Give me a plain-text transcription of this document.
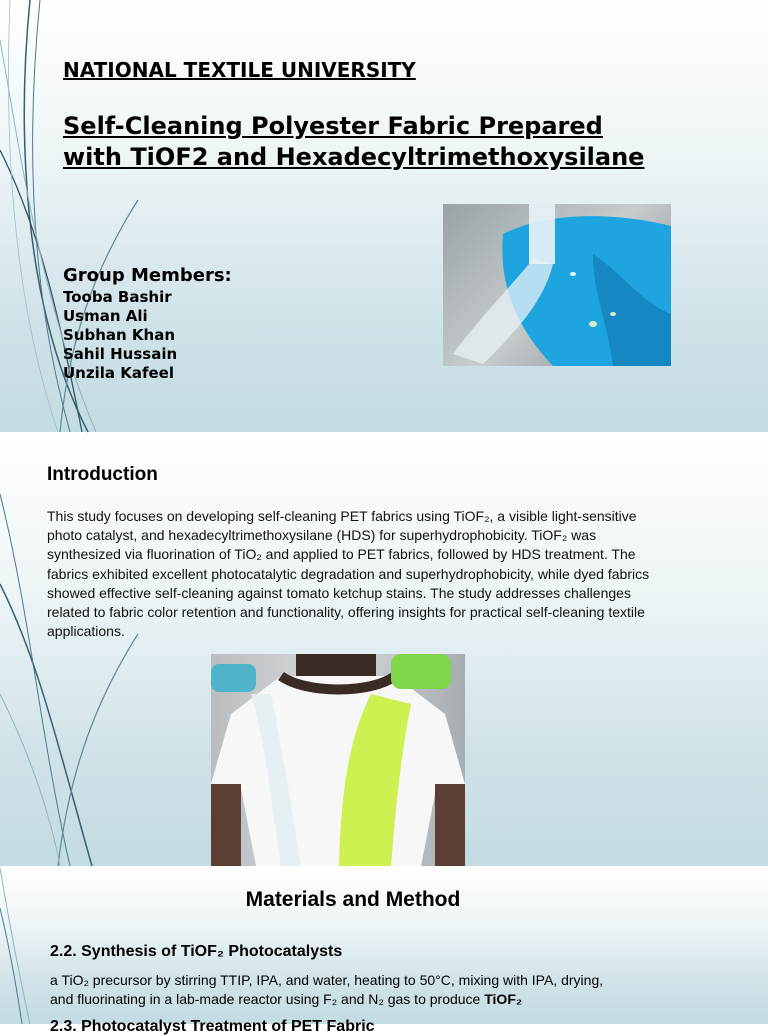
NATIONAL TEXTILE UNIVERSITY
Self-Cleaning Polyester Fabric Prepared with TiOF2 and Hexadecyltrimethoxysilane
Group Members:
Tooba Bashir
Usman Ali
Subhan Khan
Sahil Hussain
Unzila Kafeel
Introduction

This study focuses on developing self-cleaning PET fabrics using TiOF₂, a visible light-sensitive photo catalyst, and hexadecyltrimethoxysilane (HDS) for superhydrophobicity. TiOF₂ was synthesized via fluorination of TiO₂ and applied to PET fabrics, followed by HDS treatment. The fabrics exhibited excellent photocatalytic degradation and superhydrophobicity, while dyed fabrics showed effective self-cleaning against tomato ketchup stains. The study addresses challenges related to fabric color retention and functionality, offering insights for practical self-cleaning textile applications.

Materials and Method
2.2. Synthesis of TiOF₂ Photocatalysts

a TiO₂ precursor by stirring TTIP, IPA, and water, heating to 50°C, mixing with IPA, drying, and fluorinating in a lab-made reactor using F₂ and N₂ gas to produce TiOF₂

2.3. Photocatalyst Treatment of PET Fabric
